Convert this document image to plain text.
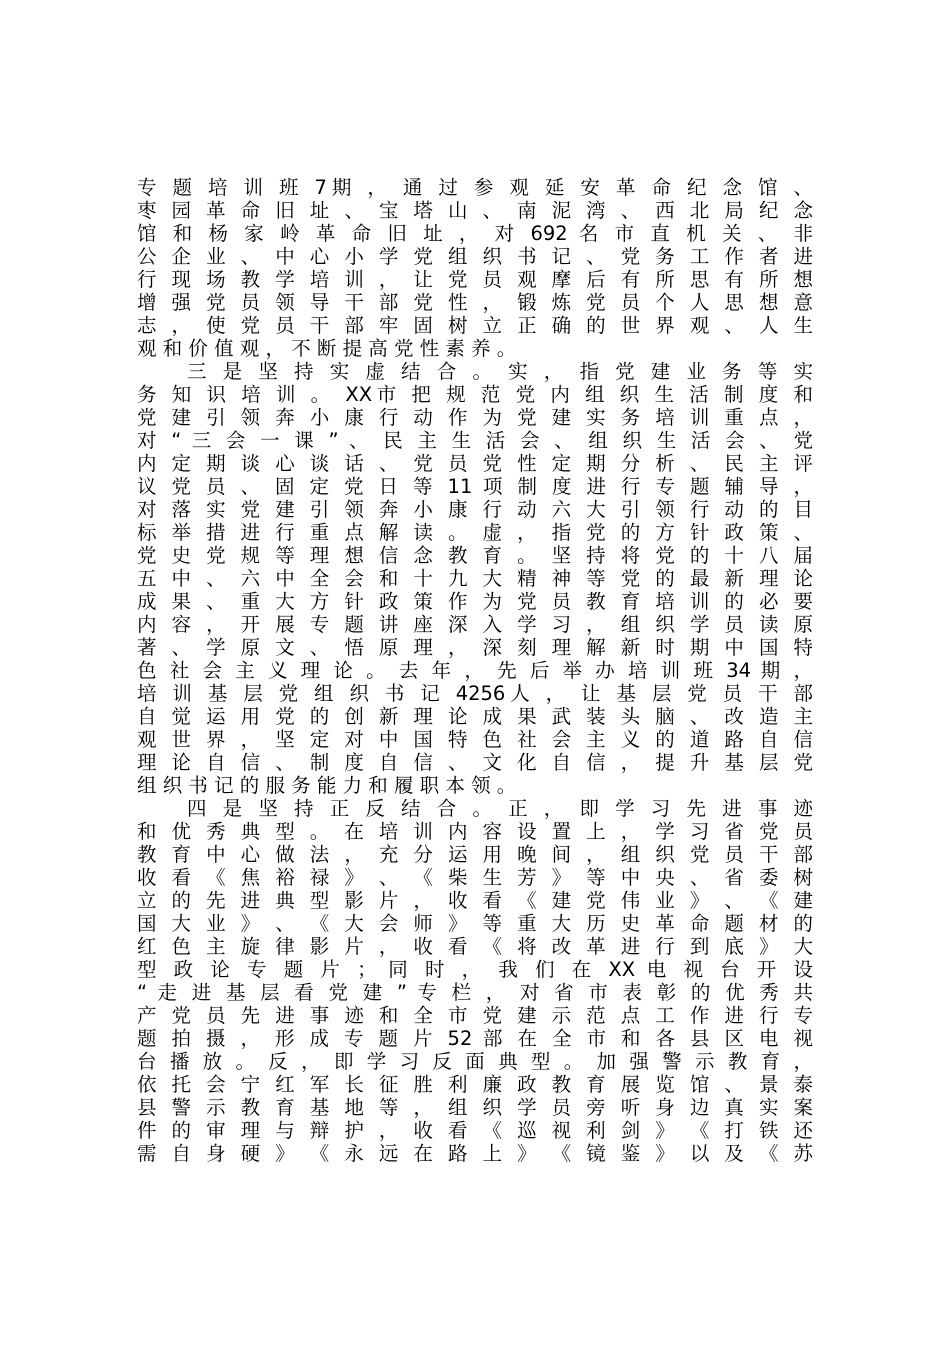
专 题 培 训 班 7期 ， 通 过 参 观 延 安 革 命 纪 念 馆 、
枣 园 革 命 旧 址 、 宝 塔 山 、 南 泥 湾 、 西 北 局 纪 念
馆 和 杨 家 岭 革 命 旧 址 ， 对 692 名 市 直 机 关 、 非
公 企 业 、 中 心 小 学 党 组 织 书 记 、 党 务 工 作 者 进
行 现 场 教 学 培 训 ， 让 党 员 观 摩 后 有 所 思 有 所 想
增 强 党 员 领 导 干 部 党 性 ， 锻 炼 党 员 个 人 思 想 意
志 ， 使 党 员 干 部 牢 固 树 立 正 确 的 世 界 观 、 人 生
观 和 价 值 观 ， 不 断 提 高 党 性 素 养 。
三 是 坚 持 实 虚 结 合 。 实 ， 指 党 建 业 务 等 实
务 知 识 培 训 。 XX市 把 规 范 党 内 组 织 生 活 制 度 和
党 建 引 领 奔 小 康 行 动 作 为 党 建 实 务 培 训 重 点 ，
对 “ 三 会 一 课 ” 、 民 主 生 活 会 、 组 织 生 活 会 、 党
内 定 期 谈 心 谈 话 、 党 员 党 性 定 期 分 析 、 民 主 评
议 党 员 、 固 定 党 日 等 11 项 制 度 进 行 专 题 辅 导 ，
对 落 实 党 建 引 领 奔 小 康 行 动 六 大 引 领 行 动 的 目
标 举 措 进 行 重 点 解 读 。 虚 ， 指 党 的 方 针 政 策 、
党 史 党 规 等 理 想 信 念 教 育 。 坚 持 将 党 的 十 八 届
五 中 、 六 中 全 会 和 十 九 大 精 神 等 党 的 最 新 理 论
成 果 、 重 大 方 针 政 策 作 为 党 员 教 育 培 训 的 必 要
内 容 ， 开 展 专 题 讲 座 深 入 学 习 ， 组 织 学 员 读 原
著 、 学 原 文 、 悟 原 理 ， 深 刻 理 解 新 时 期 中 国 特
色 社 会 主 义 理 论 。 去 年 ， 先 后 举 办 培 训 班 34 期 ，
培 训 基 层 党 组 织 书 记 4256人 ， 让 基 层 党 员 干 部
自 觉 运 用 党 的 创 新 理 论 成 果 武 装 头 脑 、 改 造 主
观 世 界 ， 坚 定 对 中 国 特 色 社 会 主 义 的 道 路 自 信
理 论 自 信 、 制 度 自 信 、 文 化 自 信 ， 提 升 基 层 党
组 织 书 记 的 服 务 能 力 和 履 职 本 领 。
四 是 坚 持 正 反 结 合 。 正 ， 即 学 习 先 进 事 迹
和 优 秀 典 型 。 在 培 训 内 容 设 置 上 ， 学 习 省 党 员
教 育 中 心 做 法 ， 充 分 运 用 晚 间 ， 组 织 党 员 干 部
收 看 《 焦 裕 禄 》 、 《 柴 生 芳 》 等 中 央 、 省 委 树
立 的 先 进 典 型 影 片 ， 收 看 《 建 党 伟 业 》 、 《 建
国 大 业 》 、 《 大 会 师 》 等 重 大 历 史 革 命 题 材 的
红 色 主 旋 律 影 片 ， 收 看 《 将 改 革 进 行 到 底 》 大
型 政 论 专 题 片 ； 同 时 ， 我 们 在 XX 电 视 台 开 设
“ 走 进 基 层 看 党 建 ” 专 栏 ， 对 省 市 表 彰 的 优 秀 共
产 党 员 先 进 事 迹 和 全 市 党 建 示 范 点 工 作 进 行 专
题 拍 摄 ， 形 成 专 题 片 52 部 在 全 市 和 各 县 区 电 视
台 播 放 。 反 ， 即 学 习 反 面 典 型 。 加 强 警 示 教 育 ，
依 托 会 宁 红 军 长 征 胜 利 廉 政 教 育 展 览 馆 、 景 泰
县 警 示 教 育 基 地 等 ， 组 织 学 员 旁 听 身 边 真 实 案
件 的 审 理 与 辩 护 ， 收 看 《 巡 视 利 剑 》 《 打 铁 还
需 自 身 硬 》 《 永 远 在 路 上 》 《 镜 鉴 》 以 及 《 苏
